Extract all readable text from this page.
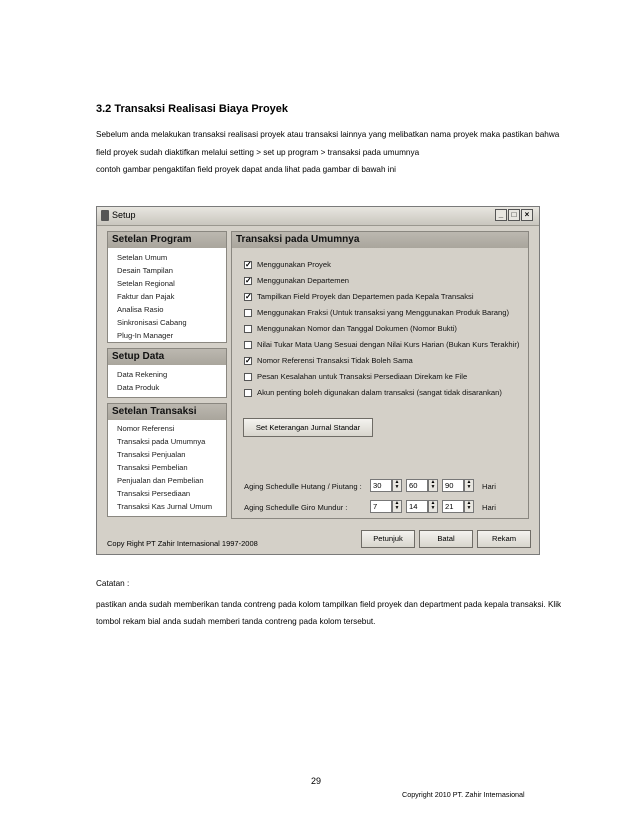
3.2 Transaksi Realisasi Biaya Proyek
Sebelum anda melakukan transaksi realisasi proyek atau transaksi lainnya yang melibatkan nama proyek maka pastikan bahwa
field proyek sudah diaktifkan melalui setting > set up program > transaksi pada umumnya
contoh gambar pengaktifan field proyek dapat anda lihat pada gambar di bawah ini
Setup	_	□	×
Setelan Program
Setelan Umum
Desain Tampilan
Setelan Regional
Faktur dan Pajak
Analisa Rasio
Sinkronisasi Cabang
Plug-In Manager
Setup Data
Data Rekening
Data Produk
Setelan Transaksi
Nomor Referensi
Transaksi pada Umumnya
Transaksi Penjualan
Transaksi Pembelian
Penjualan dan Pembelian
Transaksi Persediaan
Transaksi Kas Jurnal Umum
Transaksi pada Umumnya
✓ Menggunakan Proyek
✓ Menggunakan Departemen
✓ Tampilkan Field Proyek dan Departemen pada Kepala Transaksi
Menggunakan Fraksi (Untuk transaksi yang Menggunakan Produk Barang)
Menggunakan Nomor dan Tanggal Dokumen (Nomor Bukti)
Nilai Tukar Mata Uang Sesuai dengan Nilai Kurs Harian (Bukan Kurs Terakhir)
✓ Nomor Referensi Transaksi Tidak Boleh Sama
Pesan Kesalahan untuk Transaksi Persediaan Direkam ke File
Akun penting boleh digunakan dalam transaksi (sangat tidak disarankan)
Set Keterangan Jurnal Standar
Aging Schedulle Hutang / Piutang :	30	▲
▼	60	▲
▼	90	▲
▼ Hari
Aging Schedulle Giro Mundur :	7	▲
▼	14	▲
▼	21	▲
▼ Hari
Copy Right PT Zahir Internasional 1997-2008
Petunjuk	Batal	Rekam
Catatan :
pastikan anda sudah memberikan tanda contreng pada kolom tampilkan field proyek dan department pada kepala transaksi. Klik
tombol rekam bial anda sudah memberi tanda contreng pada kolom tersebut.
29
Copyright 2010 PT. Zahir Internasional
